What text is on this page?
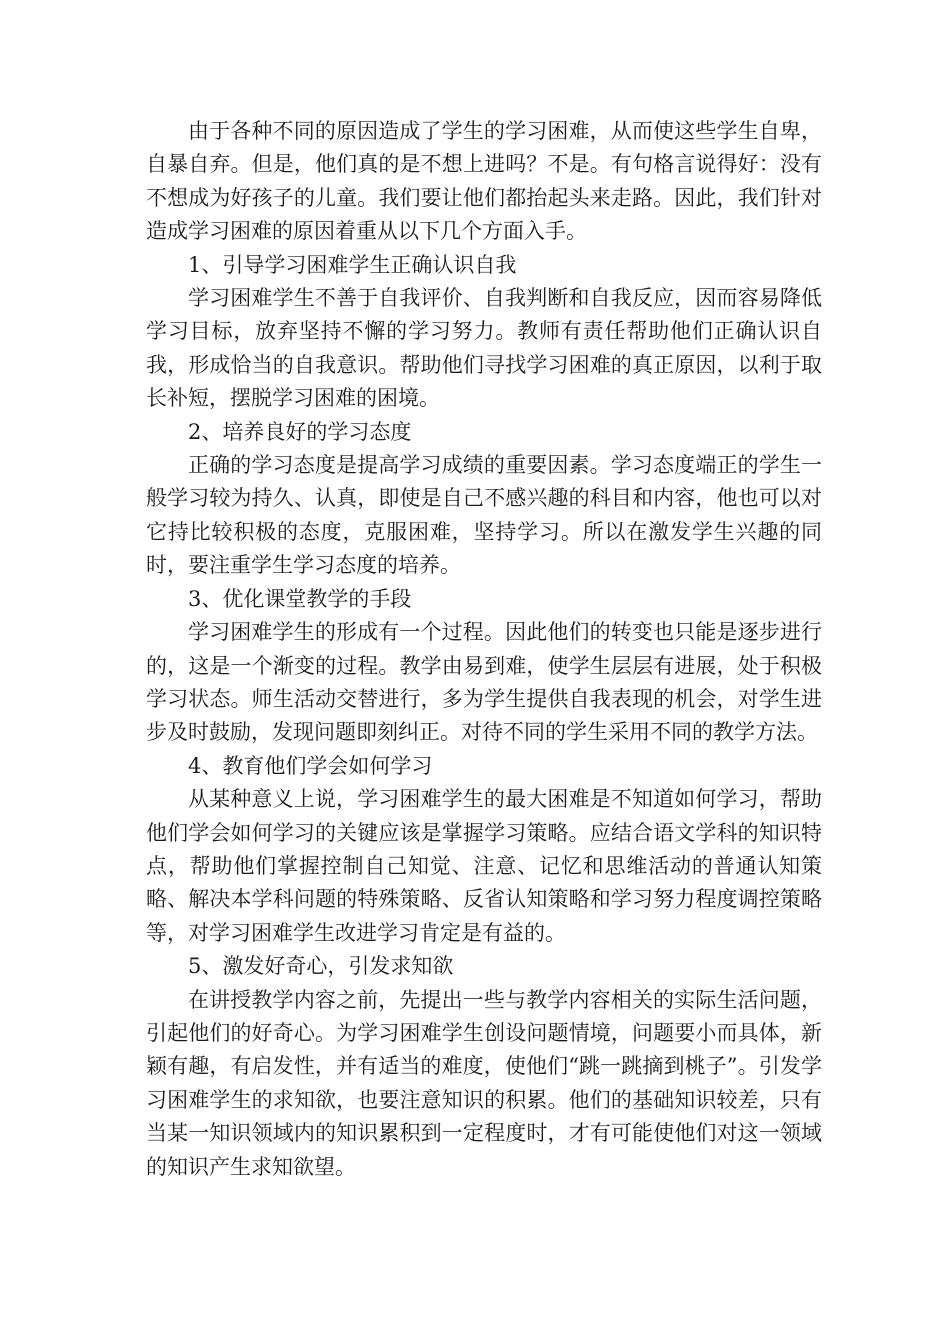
由于各种不同的原因造成了学生的学习困难，从而使这些学生自卑，自暴自弃。但是，他们真的是不想上进吗？不是。有句格言说得好：没有不想成为好孩子的儿童。我们要让他们都抬起头来走路。因此，我们针对造成学习困难的原因着重从以下几个方面入手。

1、引导学习困难学生正确认识自我

学习困难学生不善于自我评价、自我判断和自我反应，因而容易降低学习目标，放弃坚持不懈的学习努力。教师有责任帮助他们正确认识自我，形成恰当的自我意识。帮助他们寻找学习困难的真正原因，以利于取长补短，摆脱学习困难的困境。

2、培养良好的学习态度

正确的学习态度是提高学习成绩的重要因素。学习态度端正的学生一般学习较为持久、认真，即使是自己不感兴趣的科目和内容，他也可以对它持比较积极的态度，克服困难，坚持学习。所以在激发学生兴趣的同时，要注重学生学习态度的培养。

3、优化课堂教学的手段

学习困难学生的形成有一个过程。因此他们的转变也只能是逐步进行的，这是一个渐变的过程。教学由易到难，使学生层层有进展，处于积极学习状态。师生活动交替进行，多为学生提供自我表现的机会，对学生进步及时鼓励，发现问题即刻纠正。对待不同的学生采用不同的教学方法。

4、教育他们学会如何学习

从某种意义上说，学习困难学生的最大困难是不知道如何学习，帮助他们学会如何学习的关键应该是掌握学习策略。应结合语文学科的知识特点，帮助他们掌握控制自己知觉、注意、记忆和思维活动的普通认知策略、解决本学科问题的特殊策略、反省认知策略和学习努力程度调控策略等，对学习困难学生改进学习肯定是有益的。

5、激发好奇心，引发求知欲

在讲授教学内容之前，先提出一些与教学内容相关的实际生活问题，引起他们的好奇心。为学习困难学生创设问题情境，问题要小而具体，新颖有趣，有启发性，并有适当的难度，使他们“跳一跳摘到桃子”。引发学习困难学生的求知欲，也要注意知识的积累。他们的基础知识较差，只有当某一知识领域内的知识累积到一定程度时，才有可能使他们对这一领域的知识产生求知欲望。
